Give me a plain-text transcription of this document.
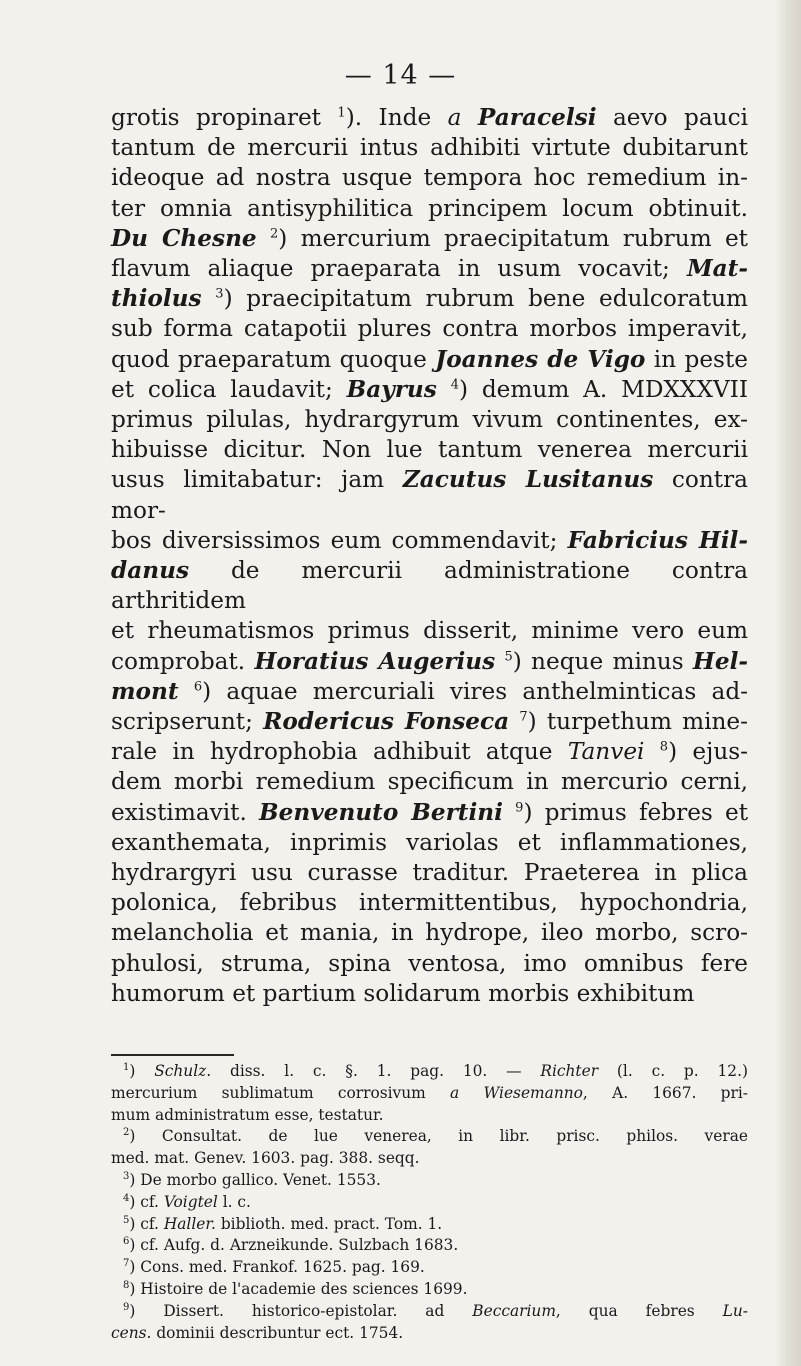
— 14 —
grotis propinaret $^1$). Inde a Paracelsi aevo pauci
tantum de mercurii intus adhibiti virtute dubitarunt
ideoque ad nostra usque tempora hoc remedium in-
ter omnia antisyphilitica principem locum obtinuit.
Du Chesne $^2$) mercurium praecipitatum rubrum et
flavum aliaque praeparata in usum vocavit; Mat-
thiolus $^3$) praecipitatum rubrum bene edulcoratum
sub forma catapotii plures contra morbos imperavit,
quod praeparatum quoque Joannes de Vigo in peste
et colica laudavit; Bayrus $^4$) demum A. MDXXXVII
primus pilulas, hydrargyrum vivum continentes, ex-
hibuisse dicitur. Non lue tantum venerea mercurii
usus limitabatur: jam Zacutus Lusitanus contra mor-
bos diversissimos eum commendavit; Fabricius Hil-
danus de mercurii administratione contra arthritidem
et rheumatismos primus disserit, minime vero eum
comprobat. Horatius Augerius $^5$) neque minus Hel-
mont $^6$) aquae mercuriali vires anthelminticas ad-
scripserunt; Rodericus Fonseca $^7$) turpethum mine-
rale in hydrophobia adhibuit atque Tanvei $^8$) ejus-
dem morbi remedium specificum in mercurio cerni,
existimavit. Benvenuto Bertini $^9$) primus febres et
exanthemata, inprimis variolas et inflammationes,
hydrargyri usu curasse traditur. Praeterea in plica
polonica, febribus intermittentibus, hypochondria,
melancholia et mania, in hydrope, ileo morbo, scro-
phulosi, struma, spina ventosa, imo omnibus fere
humorum et partium solidarum morbis exhibitum
$^1$) Schulz. diss. l. c. §. 1. pag. 10. — Richter (l. c. p. 12.)
mercurium sublimatum corrosivum a Wiesemanno, A. 1667. pri-
mum administratum esse, testatur.
$^2$) Consultat. de lue venerea, in libr. prisc. philos. verae
med. mat. Genev. 1603. pag. 388. seqq.
$^3$) De morbo gallico. Venet. 1553.
$^4$) cf. Voigtel l. c.
$^5$) cf. Haller. biblioth. med. pract. Tom. 1.
$^6$) cf. Aufg. d. Arzneikunde. Sulzbach 1683.
$^7$) Cons. med. Frankof. 1625. pag. 169.
$^8$) Histoire de l'academie des sciences 1699.
$^9$) Dissert. historico-epistolar. ad Beccarium, qua febres Lu-
cens. dominii describuntur ect. 1754.
